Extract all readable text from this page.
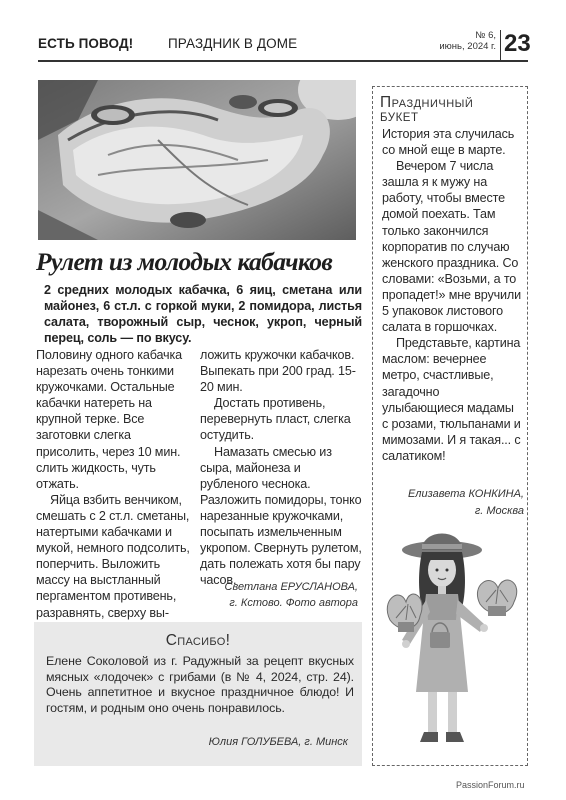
ЕСТЬ ПОВОД!	ПРАЗДНИК В ДОМЕ
№ 6,
июнь, 2024 г. 23
Рулет из молодых кабачков
2 средних молодых кабачка, 6 яиц, сметана или майонез, 6 ст.л. с горкой муки, 2 помидора, листья салата, творожный сыр, чеснок, укроп, черный перец, соль — по вкусу.

Половину одного кабачка нарезать очень тонкими кружочками. Остальные кабачки натереть на крупной терке. Все заготовки слегка присолить, через 10 мин. слить жидкость, чуть отжать.

Яйца взбить венчиком, смешать с 2 ст.л. сметаны, натертыми кабачками и мукой, немного подсолить, поперчить. Выложить массу на выстланный пергаментом противень, разравнять, сверху вы-

ложить кружочки кабачков. Выпекать при 200 град. 15-20 мин.

Достать противень, перевернуть пласт, слегка остудить.

Намазать смесью из сыра, майонеза и рубленого чеснока. Разложить помидоры, тонко нарезанные кружочками, посыпать измельченным укропом. Свернуть рулетом, дать полежать хотя бы пару часов.

Светлана ЕРУСЛАНОВА,
г. Кстово. Фото автора
Спасибо!
Елене Соколовой из г. Радужный за рецепт вкусных мясных «лодочек» с грибами (в № 4, 2024, стр. 24). Очень аппетитное и вкусное праздничное блюдо! И гостям, и родным оно очень понравилось.
Юлия ГОЛУБЕВА, г. Минск
Праздничный
БУКЕТ

История эта случилась со мной еще в марте.

Вечером 7 числа зашла я к мужу на работу, чтобы вместе домой поехать. Там только закончился корпоратив по случаю женского праздника. Со словами: «Возьми, а то пропадет!» мне вручили 5 упаковок листового салата в горшочках.

Представьте, картина маслом: вечернее метро, счастливые, загадочно улыбающиеся мадамы с розами, тюльпанами и мимозами. И я такая... с салатиком!

Елизавета КОНКИНА,
г. Москва
PassionForum.ru
